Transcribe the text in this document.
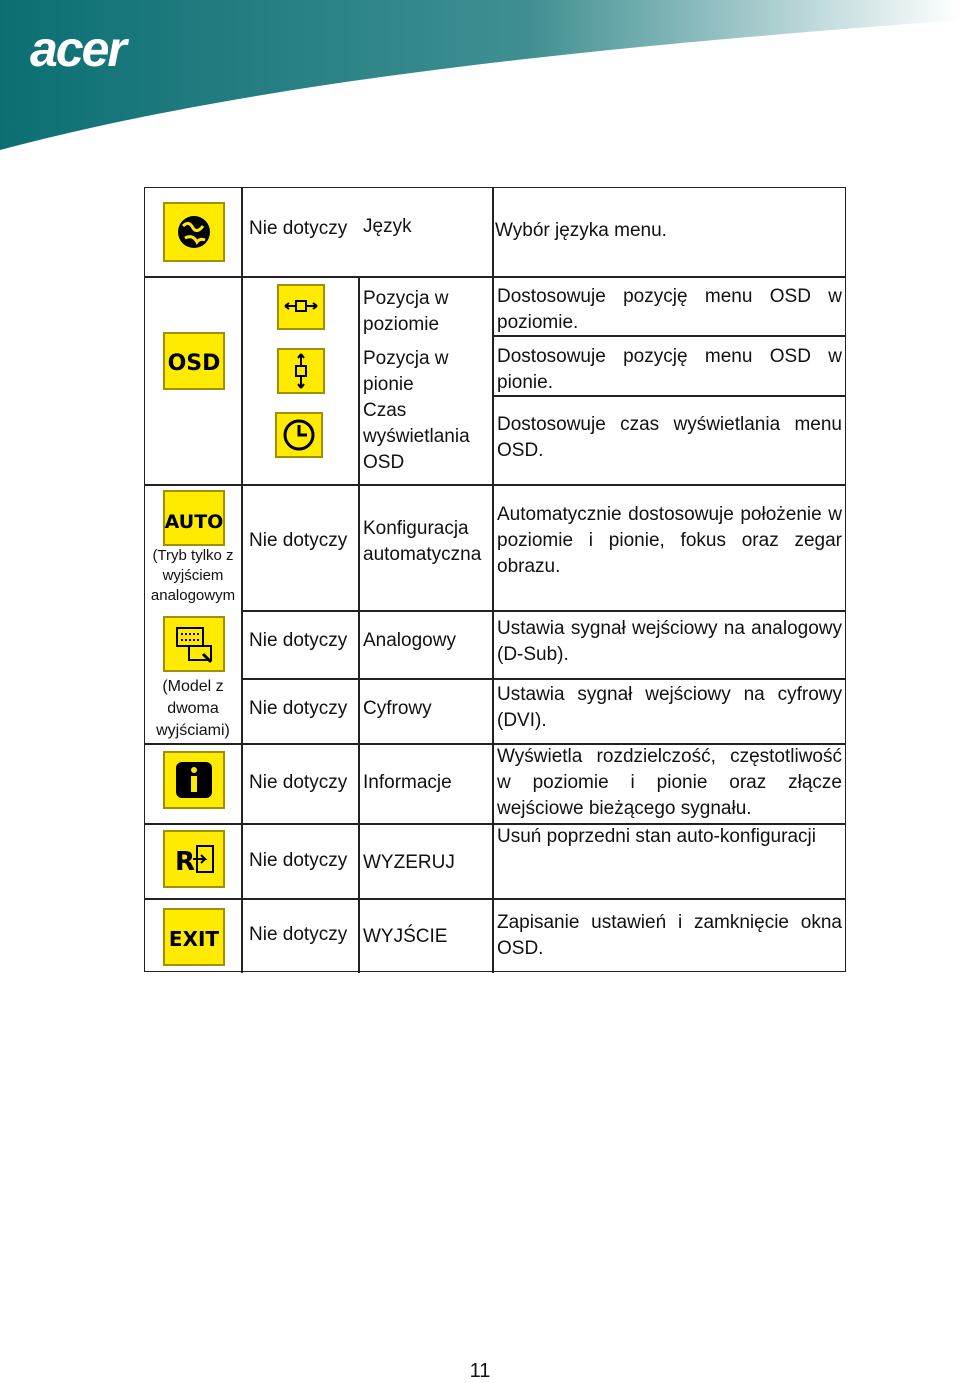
acer
Nie dotyczy Język	Wybór języka menu.
OSD
Pozycja w poziomie
Pozycja w pionie
Czas wyświetlania OSD
Dostosowuje pozycję menu OSD w poziomie.
Dostosowuje pozycję menu OSD w pionie.
Dostosowuje czas wyświetlania menu OSD.
AUTO
(Tryb tylko z wyjściem analogowym
Nie dotyczy
Konfiguracja automatyczna
Automatycznie dostosowuje położenie w poziomie i pionie, fokus oraz zegar obrazu.
(Model z dwoma wyjściami)
Nie dotyczy Analogowy
Ustawia sygnał wejściowy na analogowy (D-Sub).
Nie dotyczy Cyfrowy
Ustawia sygnał wejściowy na cyfrowy (DVI).
Nie dotyczy Informacje
Wyświetla rozdzielczość, częstotliwość w poziomie i pionie oraz złącze wejściowe bieżącego sygnału.
R	Nie dotyczy WYZERUJ
Usuń poprzedni stan auto-konfiguracji
EXIT Nie dotyczy WYJŚCIE
Zapisanie ustawień i zamknięcie okna OSD.
11
